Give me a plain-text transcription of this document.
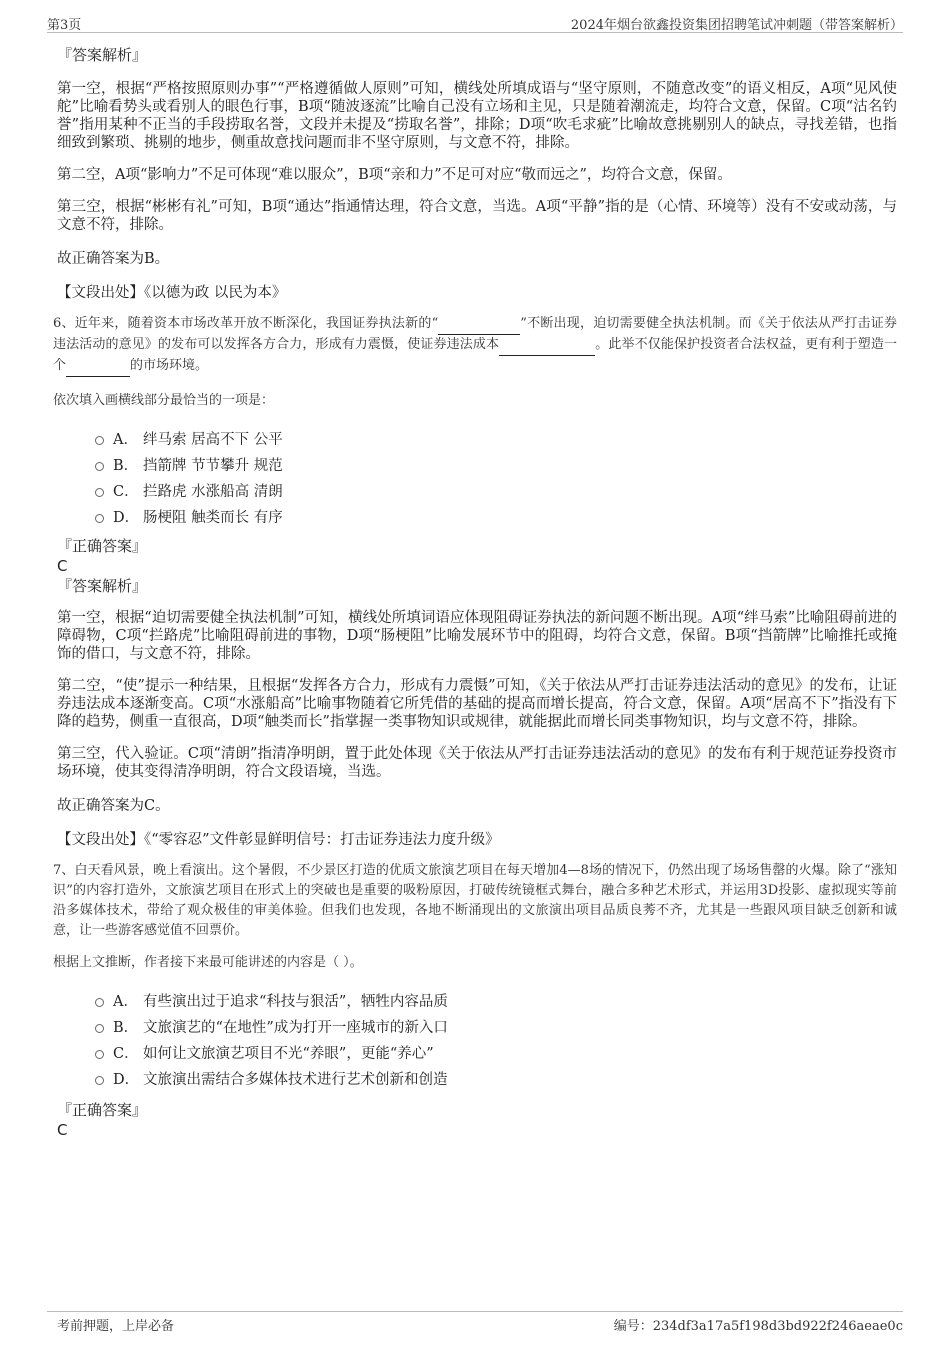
第3页	2024年烟台欲鑫投资集团招聘笔试冲刺题（带答案解析）

『答案解析』

第一空，根据“严格按照原则办事”“严格遵循做人原则”可知，横线处所填成语与“坚守原则，不随意改变”的语义相反，A项“见风使舵”比喻看势头或看别人的眼色行事，B项“随波逐流”比喻自己没有立场和主见，只是随着潮流走，均符合文意，保留。C项“沽名钓誉”指用某种不正当的手段捞取名誉，文段并未提及“捞取名誉”，排除；D项“吹毛求疵”比喻故意挑剔别人的缺点，寻找差错，也指细致到繁琐、挑剔的地步，侧重故意找问题而非不坚守原则，与文意不符，排除。

第二空，A项“影响力”不足可体现“难以服众”，B项“亲和力”不足可对应“敬而远之”，均符合文意，保留。

第三空，根据“彬彬有礼”可知，B项“通达”指通情达理，符合文意，当选。A项“平静”指的是（心情、环境等）没有不安或动荡，与文意不符，排除。

故正确答案为B。

【文段出处】《以德为政 以民为本》

6、近年来，随着资本市场改革开放不断深化，我国证券执法新的“	”不断出现，迫切需要健全执法机制。而《关于依法从严打击证券违法活动的意见》的发布可以发挥各方合力，形成有力震慑，使证券违法成本	。此举不仅能保护投资者合法权益，更有利于塑造一个	的市场环境。

依次填入画横线部分最恰当的一项是：

A． 绊马索 居高不下 公平
B． 挡箭牌 节节攀升 规范
C． 拦路虎 水涨船高 清朗
D． 肠梗阻 触类而长 有序

『正确答案』

C

『答案解析』

第一空，根据“迫切需要健全执法机制”可知，横线处所填词语应体现阻碍证券执法的新问题不断出现。A项“绊马索”比喻阻碍前进的障碍物，C项“拦路虎”比喻阻碍前进的事物，D项“肠梗阻”比喻发展环节中的阻碍，均符合文意，保留。B项“挡箭牌”比喻推托或掩饰的借口，与文意不符，排除。

第二空，“使”提示一种结果，且根据“发挥各方合力，形成有力震慑”可知，《关于依法从严打击证券违法活动的意见》的发布，让证券违法成本逐渐变高。C项“水涨船高”比喻事物随着它所凭借的基础的提高而增长提高，符合文意，保留。A项“居高不下”指没有下降的趋势，侧重一直很高，D项“触类而长”指掌握一类事物知识或规律，就能据此而增长同类事物知识，均与文意不符，排除。

第三空，代入验证。C项“清朗”指清净明朗，置于此处体现《关于依法从严打击证券违法活动的意见》的发布有利于规范证券投资市场环境，使其变得清净明朗，符合文段语境，当选。

故正确答案为C。

【文段出处】《“零容忍”文件彰显鲜明信号：打击证券违法力度升级》

7、白天看风景，晚上看演出。这个暑假，不少景区打造的优质文旅演艺项目在每天增加4—8场的情况下，仍然出现了场场售罄的火爆。除了“涨知识”的内容打造外，文旅演艺项目在形式上的突破也是重要的吸粉原因，打破传统镜框式舞台，融合多种艺术形式，并运用3D投影、虚拟现实等前沿多媒体技术，带给了观众极佳的审美体验。但我们也发现，各地不断涌现出的文旅演出项目品质良莠不齐，尤其是一些跟风项目缺乏创新和诚意，让一些游客感觉值不回票价。

根据上文推断，作者接下来最可能讲述的内容是（ ）。

A． 有些演出过于追求“科技与狠活”，牺牲内容品质
B． 文旅演艺的“在地性”成为打开一座城市的新入口
C． 如何让文旅演艺项目不光“养眼”，更能“养心”
D． 文旅演出需结合多媒体技术进行艺术创新和创造

『正确答案』

C

考前押题，上岸必备	编号：234df3a17a5f198d3bd922f246aeae0c
